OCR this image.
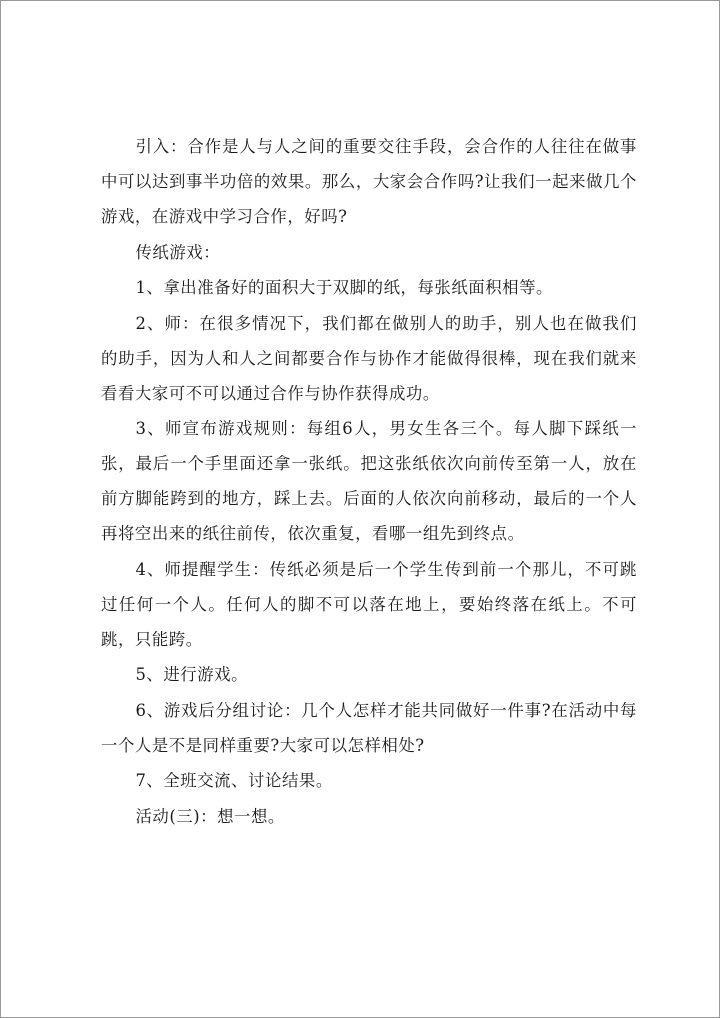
引入：合作是人与人之间的重要交往手段，会合作的人往往在做事中可以达到事半功倍的效果。那么，大家会合作吗?让我们一起来做几个游戏，在游戏中学习合作，好吗?

传纸游戏：

1、拿出准备好的面积大于双脚的纸，每张纸面积相等。

2、师：在很多情况下，我们都在做别人的助手，别人也在做我们的助手，因为人和人之间都要合作与协作才能做得很棒，现在我们就来看看大家可不可以通过合作与协作获得成功。

3、师宣布游戏规则：每组6人，男女生各三个。每人脚下踩纸一张，最后一个手里面还拿一张纸。把这张纸依次向前传至第一人，放在前方脚能跨到的地方，踩上去。后面的人依次向前移动，最后的一个人再将空出来的纸往前传，依次重复，看哪一组先到终点。

4、师提醒学生：传纸必须是后一个学生传到前一个那儿，不可跳过任何一个人。任何人的脚不可以落在地上，要始终落在纸上。不可跳，只能跨。

5、进行游戏。

6、游戏后分组讨论：几个人怎样才能共同做好一件事?在活动中每一个人是不是同样重要?大家可以怎样相处?

7、全班交流、讨论结果。

活动(三)：想一想。
